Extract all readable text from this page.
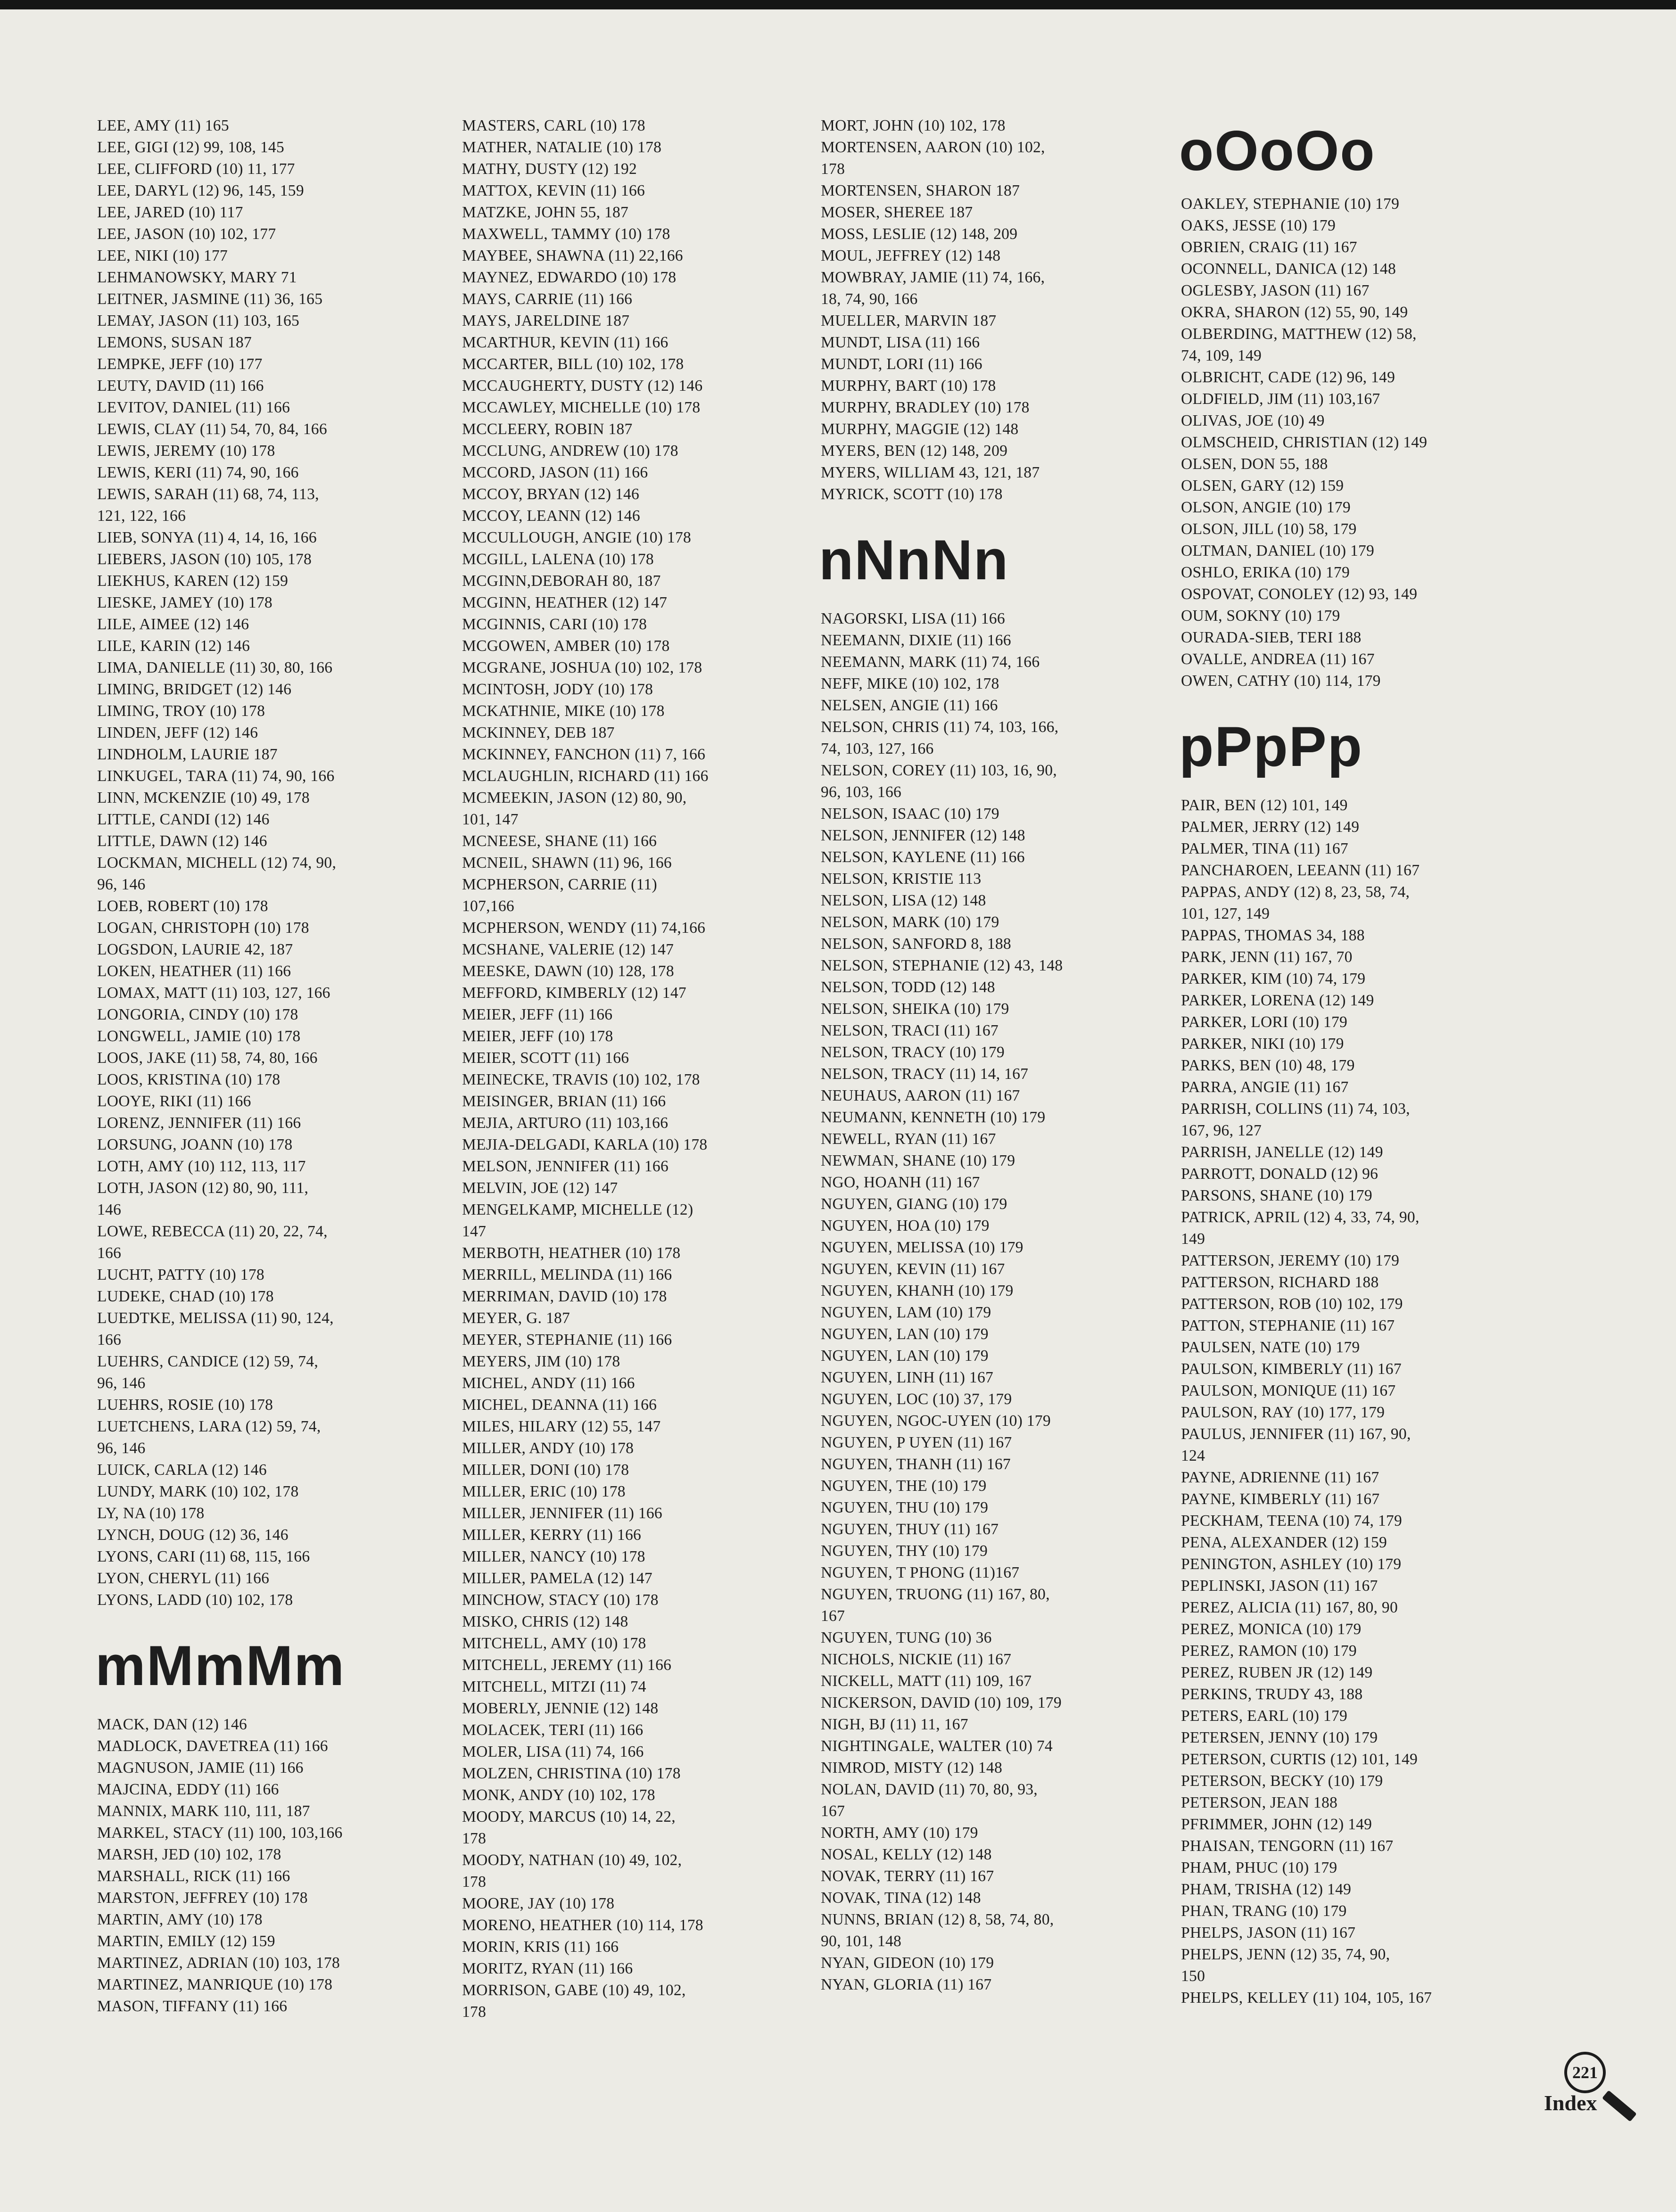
LEE, AMY (11) 165
LEE, GIGI (12) 99, 108, 145
LEE, CLIFFORD (10) 11, 177
LEE, DARYL (12) 96, 145, 159
LEE, JARED (10) 117
LEE, JASON (10) 102, 177
LEE, NIKI (10) 177
LEHMANOWSKY, MARY 71
LEITNER, JASMINE (11) 36, 165
LEMAY, JASON (11) 103, 165
LEMONS, SUSAN 187
LEMPKE, JEFF (10) 177
LEUTY, DAVID (11) 166
LEVITOV, DANIEL (11) 166
LEWIS, CLAY (11) 54, 70, 84, 166
LEWIS, JEREMY (10) 178
LEWIS, KERI (11) 74, 90, 166
LEWIS, SARAH (11) 68, 74, 113,
121, 122, 166
LIEB, SONYA (11) 4, 14, 16, 166
LIEBERS, JASON (10) 105, 178
LIEKHUS, KAREN (12) 159
LIESKE, JAMEY (10) 178
LILE, AIMEE (12) 146
LILE, KARIN (12) 146
LIMA, DANIELLE (11) 30, 80, 166
LIMING, BRIDGET (12) 146
LIMING, TROY (10) 178
LINDEN, JEFF (12) 146
LINDHOLM, LAURIE 187
LINKUGEL, TARA (11) 74, 90, 166
LINN, MCKENZIE (10) 49, 178
LITTLE, CANDI (12) 146
LITTLE, DAWN (12) 146
LOCKMAN, MICHELL (12) 74, 90,
96, 146
LOEB, ROBERT (10) 178
LOGAN, CHRISTOPH (10) 178
LOGSDON, LAURIE 42, 187
LOKEN, HEATHER (11) 166
LOMAX, MATT (11) 103, 127, 166
LONGORIA, CINDY (10) 178
LONGWELL, JAMIE (10) 178
LOOS, JAKE (11) 58, 74, 80, 166
LOOS, KRISTINA (10) 178
LOOYE, RIKI (11) 166
LORENZ, JENNIFER (11) 166
LORSUNG, JOANN (10) 178
LOTH, AMY (10) 112, 113, 117
LOTH, JASON (12) 80, 90, 111,
146
LOWE, REBECCA (11) 20, 22, 74,
166
LUCHT, PATTY (10) 178
LUDEKE, CHAD (10) 178
LUEDTKE, MELISSA (11) 90, 124,
166
LUEHRS, CANDICE (12) 59, 74,
96, 146
LUEHRS, ROSIE (10) 178
LUETCHENS, LARA (12) 59, 74,
96, 146
LUICK, CARLA (12) 146
LUNDY, MARK (10) 102, 178
LY, NA (10) 178
LYNCH, DOUG (12) 36, 146
LYONS, CARI (11) 68, 115, 166
LYON, CHERYL (11) 166
LYONS, LADD (10) 102, 178
mMmMm
MACK, DAN (12) 146
MADLOCK, DAVETREA (11) 166
MAGNUSON, JAMIE (11) 166
MAJCINA, EDDY (11) 166
MANNIX, MARK 110, 111, 187
MARKEL, STACY (11) 100, 103,166
MARSH, JED (10) 102, 178
MARSHALL, RICK (11) 166
MARSTON, JEFFREY (10) 178
MARTIN, AMY (10) 178
MARTIN, EMILY (12) 159
MARTINEZ, ADRIAN (10) 103, 178
MARTINEZ, MANRIQUE (10) 178
MASON, TIFFANY (11) 166
MASTERS, CARL (10) 178
MATHER, NATALIE (10) 178
MATHY, DUSTY (12) 192
MATTOX, KEVIN (11) 166
MATZKE, JOHN 55, 187
MAXWELL, TAMMY (10) 178
MAYBEE, SHAWNA (11) 22,166
MAYNEZ, EDWARDO (10) 178
MAYS, CARRIE (11) 166
MAYS, JARELDINE 187
MCARTHUR, KEVIN (11) 166
MCCARTER, BILL (10) 102, 178
MCCAUGHERTY, DUSTY (12) 146
MCCAWLEY, MICHELLE (10) 178
MCCLEERY, ROBIN 187
MCCLUNG, ANDREW (10) 178
MCCORD, JASON (11) 166
MCCOY, BRYAN (12) 146
MCCOY, LEANN (12) 146
MCCULLOUGH, ANGIE (10) 178
MCGILL, LALENA (10) 178
MCGINN,DEBORAH 80, 187
MCGINN, HEATHER (12) 147
MCGINNIS, CARI (10) 178
MCGOWEN, AMBER (10) 178
MCGRANE, JOSHUA (10) 102, 178
MCINTOSH, JODY (10) 178
MCKATHNIE, MIKE (10) 178
MCKINNEY, DEB 187
MCKINNEY, FANCHON (11) 7, 166
MCLAUGHLIN, RICHARD (11) 166
MCMEEKIN, JASON (12) 80, 90,
101, 147
MCNEESE, SHANE (11) 166
MCNEIL, SHAWN (11) 96, 166
MCPHERSON, CARRIE (11)
107,166
MCPHERSON, WENDY (11) 74,166
MCSHANE, VALERIE (12) 147
MEESKE, DAWN (10) 128, 178
MEFFORD, KIMBERLY (12) 147
MEIER, JEFF (11) 166
MEIER, JEFF (10) 178
MEIER, SCOTT (11) 166
MEINECKE, TRAVIS (10) 102, 178
MEISINGER, BRIAN (11) 166
MEJIA, ARTURO (11) 103,166
MEJIA-DELGADI, KARLA (10) 178
MELSON, JENNIFER (11) 166
MELVIN, JOE (12) 147
MENGELKAMP, MICHELLE (12)
147
MERBOTH, HEATHER (10) 178
MERRILL, MELINDA (11) 166
MERRIMAN, DAVID (10) 178
MEYER, G. 187
MEYER, STEPHANIE (11) 166
MEYERS, JIM (10) 178
MICHEL, ANDY (11) 166
MICHEL, DEANNA (11) 166
MILES, HILARY (12) 55, 147
MILLER, ANDY (10) 178
MILLER, DONI (10) 178
MILLER, ERIC (10) 178
MILLER, JENNIFER (11) 166
MILLER, KERRY (11) 166
MILLER, NANCY (10) 178
MILLER, PAMELA (12) 147
MINCHOW, STACY (10) 178
MISKO, CHRIS (12) 148
MITCHELL, AMY (10) 178
MITCHELL, JEREMY (11) 166
MITCHELL, MITZI (11) 74
MOBERLY, JENNIE (12) 148
MOLACEK, TERI (11) 166
MOLER, LISA (11) 74, 166
MOLZEN, CHRISTINA (10) 178
MONK, ANDY (10) 102, 178
MOODY, MARCUS (10) 14, 22,
178
MOODY, NATHAN (10) 49, 102,
178
MOORE, JAY (10) 178
MORENO, HEATHER (10) 114, 178
MORIN, KRIS (11) 166
MORITZ, RYAN (11) 166
MORRISON, GABE (10) 49, 102,
178
MORT, JOHN (10) 102, 178
MORTENSEN, AARON (10) 102,
178
MORTENSEN, SHARON 187
MOSER, SHEREE 187
MOSS, LESLIE (12) 148, 209
MOUL, JEFFREY (12) 148
MOWBRAY, JAMIE (11) 74, 166,
18, 74, 90, 166
MUELLER, MARVIN 187
MUNDT, LISA (11) 166
MUNDT, LORI (11) 166
MURPHY, BART (10) 178
MURPHY, BRADLEY (10) 178
MURPHY, MAGGIE (12) 148
MYERS, BEN (12) 148, 209
MYERS, WILLIAM 43, 121, 187
MYRICK, SCOTT (10) 178
nNnNn
NAGORSKI, LISA (11) 166
NEEMANN, DIXIE (11) 166
NEEMANN, MARK (11) 74, 166
NEFF, MIKE (10) 102, 178
NELSEN, ANGIE (11) 166
NELSON, CHRIS (11) 74, 103, 166,
74, 103, 127, 166
NELSON, COREY (11) 103, 16, 90,
96, 103, 166
NELSON, ISAAC (10) 179
NELSON, JENNIFER (12) 148
NELSON, KAYLENE (11) 166
NELSON, KRISTIE 113
NELSON, LISA (12) 148
NELSON, MARK (10) 179
NELSON, SANFORD 8, 188
NELSON, STEPHANIE (12) 43, 148
NELSON, TODD (12) 148
NELSON, SHEIKA (10) 179
NELSON, TRACI (11) 167
NELSON, TRACY (10) 179
NELSON, TRACY (11) 14, 167
NEUHAUS, AARON (11) 167
NEUMANN, KENNETH (10) 179
NEWELL, RYAN (11) 167
NEWMAN, SHANE (10) 179
NGO, HOANH (11) 167
NGUYEN, GIANG (10) 179
NGUYEN, HOA (10) 179
NGUYEN, MELISSA (10) 179
NGUYEN, KEVIN (11) 167
NGUYEN, KHANH (10) 179
NGUYEN, LAM (10) 179
NGUYEN, LAN (10) 179
NGUYEN, LAN (10) 179
NGUYEN, LINH (11) 167
NGUYEN, LOC (10) 37, 179
NGUYEN, NGOC-UYEN (10) 179
NGUYEN, P UYEN (11) 167
NGUYEN, THANH (11) 167
NGUYEN, THE (10) 179
NGUYEN, THU (10) 179
NGUYEN, THUY (11) 167
NGUYEN, THY (10) 179
NGUYEN, T PHONG (11)167
NGUYEN, TRUONG (11) 167, 80,
167
NGUYEN, TUNG (10) 36
NICHOLS, NICKIE (11) 167
NICKELL, MATT (11) 109, 167
NICKERSON, DAVID (10) 109, 179
NIGH, BJ (11) 11, 167
NIGHTINGALE, WALTER (10) 74
NIMROD, MISTY (12) 148
NOLAN, DAVID (11) 70, 80, 93,
167
NORTH, AMY (10) 179
NOSAL, KELLY (12) 148
NOVAK, TERRY (11) 167
NOVAK, TINA (12) 148
NUNNS, BRIAN (12) 8, 58, 74, 80,
90, 101, 148
NYAN, GIDEON (10) 179
NYAN, GLORIA (11) 167
oOoOo
OAKLEY, STEPHANIE (10) 179
OAKS, JESSE (10) 179
OBRIEN, CRAIG (11) 167
OCONNELL, DANICA (12) 148
OGLESBY, JASON (11) 167
OKRA, SHARON (12) 55, 90, 149
OLBERDING, MATTHEW (12) 58,
74, 109, 149
OLBRICHT, CADE (12) 96, 149
OLDFIELD, JIM (11) 103,167
OLIVAS, JOE (10) 49
OLMSCHEID, CHRISTIAN (12) 149
OLSEN, DON 55, 188
OLSEN, GARY (12) 159
OLSON, ANGIE (10) 179
OLSON, JILL (10) 58, 179
OLTMAN, DANIEL (10) 179
OSHLO, ERIKA (10) 179
OSPOVAT, CONOLEY (12) 93, 149
OUM, SOKNY (10) 179
OURADA-SIEB, TERI 188
OVALLE, ANDREA (11) 167
OWEN, CATHY (10) 114, 179
pPpPp
PAIR, BEN (12) 101, 149
PALMER, JERRY (12) 149
PALMER, TINA (11) 167
PANCHAROEN, LEEANN (11) 167
PAPPAS, ANDY (12) 8, 23, 58, 74,
101, 127, 149
PAPPAS, THOMAS 34, 188
PARK, JENN (11) 167, 70
PARKER, KIM (10) 74, 179
PARKER, LORENA (12) 149
PARKER, LORI (10) 179
PARKER, NIKI (10) 179
PARKS, BEN (10) 48, 179
PARRA, ANGIE (11) 167
PARRISH, COLLINS (11) 74, 103,
167, 96, 127
PARRISH, JANELLE (12) 149
PARROTT, DONALD (12) 96
PARSONS, SHANE (10) 179
PATRICK, APRIL (12) 4, 33, 74, 90,
149
PATTERSON, JEREMY (10) 179
PATTERSON, RICHARD 188
PATTERSON, ROB (10) 102, 179
PATTON, STEPHANIE (11) 167
PAULSEN, NATE (10) 179
PAULSON, KIMBERLY (11) 167
PAULSON, MONIQUE (11) 167
PAULSON, RAY (10) 177, 179
PAULUS, JENNIFER (11) 167, 90,
124
PAYNE, ADRIENNE (11) 167
PAYNE, KIMBERLY (11) 167
PECKHAM, TEENA (10) 74, 179
PENA, ALEXANDER (12) 159
PENINGTON, ASHLEY (10) 179
PEPLINSKI, JASON (11) 167
PEREZ, ALICIA (11) 167, 80, 90
PEREZ, MONICA (10) 179
PEREZ, RAMON (10) 179
PEREZ, RUBEN JR (12) 149
PERKINS, TRUDY 43, 188
PETERS, EARL (10) 179
PETERSEN, JENNY (10) 179
PETERSON, CURTIS (12) 101, 149
PETERSON, BECKY (10) 179
PETERSON, JEAN 188
PFRIMMER, JOHN (12) 149
PHAISAN, TENGORN (11) 167
PHAM, PHUC (10) 179
PHAM, TRISHA (12) 149
PHAN, TRANG (10) 179
PHELPS, JASON (11) 167
PHELPS, JENN (12) 35, 74, 90,
150
PHELPS, KELLEY (11) 104, 105, 167
221
Index
